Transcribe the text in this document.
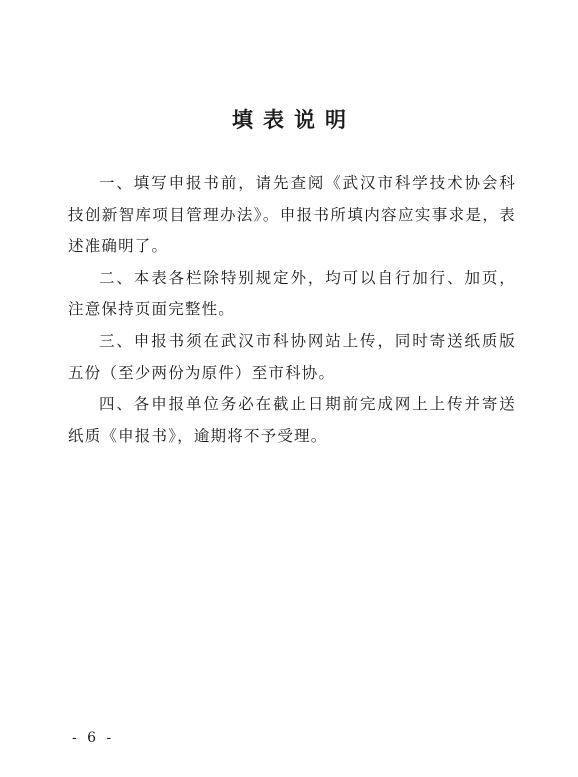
填表说明

一、填写申报书前，请先查阅《武汉市科学技术协会科技创新智库项目管理办法》。申报书所填内容应实事求是，表述准确明了。

二、本表各栏除特别规定外，均可以自行加行、加页，注意保持页面完整性。

三、申报书须在武汉市科协网站上传，同时寄送纸质版五份（至少两份为原件）至市科协。

四、各申报单位务必在截止日期前完成网上上传并寄送纸质《申报书》，逾期将不予受理。

- 6 -
